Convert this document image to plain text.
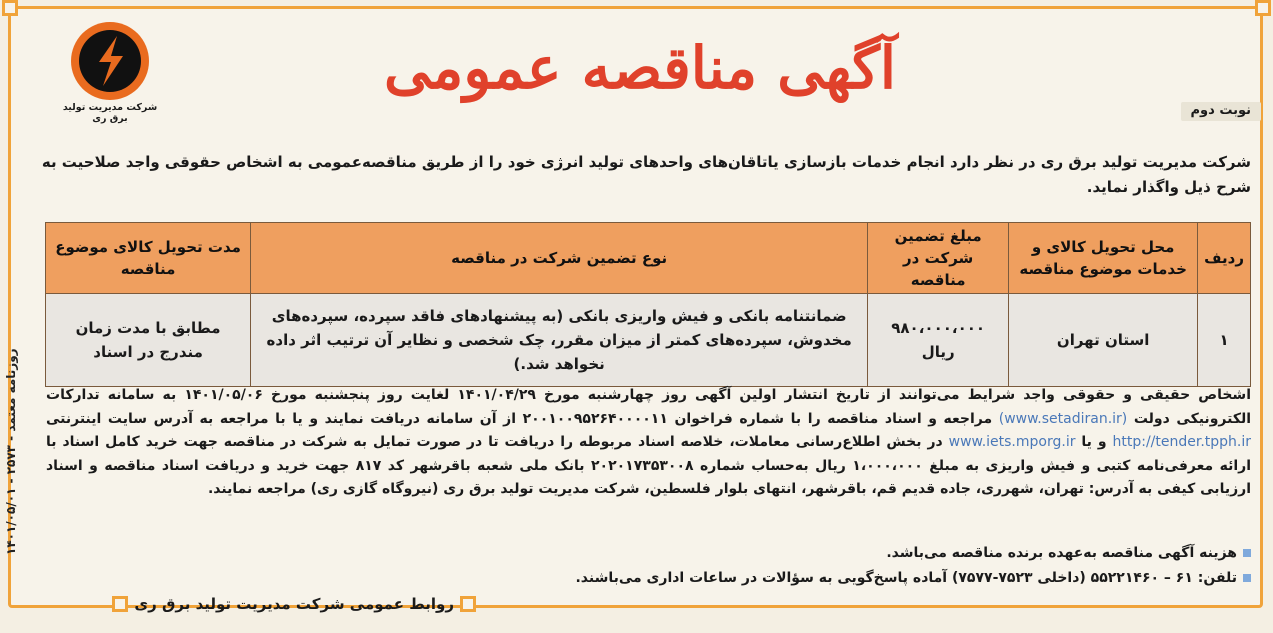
شرکت مدیریت تولید
برق ری
آگهی مناقصه عمومی
نوبت دوم
شرکت مدیریت تولید برق ری در نظر دارد انجام خدمات بازسازی یاتاقان‌های واحدهای تولید انرژی خود را از طریق مناقصه‌عمومی به اشخاص حقوقی واجد صلاحیت به شرح ذیل واگذار نماید.
ردیف	محل تحویل کالای و خدمات موضوع مناقصه	مبلغ تضمین شرکت در مناقصه	نوع تضمین شرکت در مناقصه	مدت تحویل کالای موضوع مناقصه
۱	استان تهران	۹۸۰،۰۰۰،۰۰۰ ریال	ضمانتنامه بانکی و فیش واریزی بانکی (به پیشنهادهای فاقد سپرده، سپرده‌های مخدوش، سپرده‌های کمتر از میزان مقرر، چک شخصی و نظایر آن ترتیب اثر داده نخواهد شد.)	مطابق با مدت زمان مندرج در اسناد
روزنامه معتمد - ۲۵۷۳ - ۱۴۰۱/۰۵/۰۱	اشخاص حقیقی و حقوقی واجد شرایط می‌توانند از تاریخ انتشار اولین آگهی روز چهارشنبه مورخ ۱۴۰۱/۰۴/۲۹ لغایت روز پنجشنبه مورخ ۱۴۰۱/۰۵/۰۶ به سامانه تدارکات الکترونیکی دولت (www.setadiran.ir) مراجعه و اسناد مناقصه را با شماره فراخوان ۲۰۰۱۰۰۹۵۲۶۴۰۰۰۰۱۱ از آن سامانه دریافت نمایند و یا با مراجعه به آدرس سایت اینترنتی http://tender.tpph.ir و یا www.iets.mporg.ir در بخش اطلاع‌رسانی معاملات، خلاصه اسناد مربوطه را دریافت تا در صورت تمایل به شرکت در مناقصه جهت خرید کامل اسناد با ارائه معرفی‌نامه کتبی و فیش واریزی به مبلغ ۱،۰۰۰،۰۰۰ ریال به‌حساب شماره ۲۰۲۰۱۷۳۵۳۰۰۸ بانک ملی شعبه باقرشهر کد ۸۱۷ جهت خرید و دریافت اسناد مناقصه و اسناد ارزیابی کیفی به آدرس: تهران، شهرری، جاده قدیم قم، باقرشهر، انتهای بلوار فلسطین، شرکت مدیریت تولید برق ری (نیروگاه گازی ری) مراجعه نمایند.

هزینه آگهی مناقصه به‌عهده برنده مناقصه می‌باشد.
تلفن: ۶۱ – ۵۵۲۲۱۴۶۰ (داخلی ۷۵۲۳-۷۵۷۷) آماده پاسخ‌گویی به سؤالات در ساعات اداری می‌باشند.
روابط عمومی شرکت مدیریت تولید برق ری
